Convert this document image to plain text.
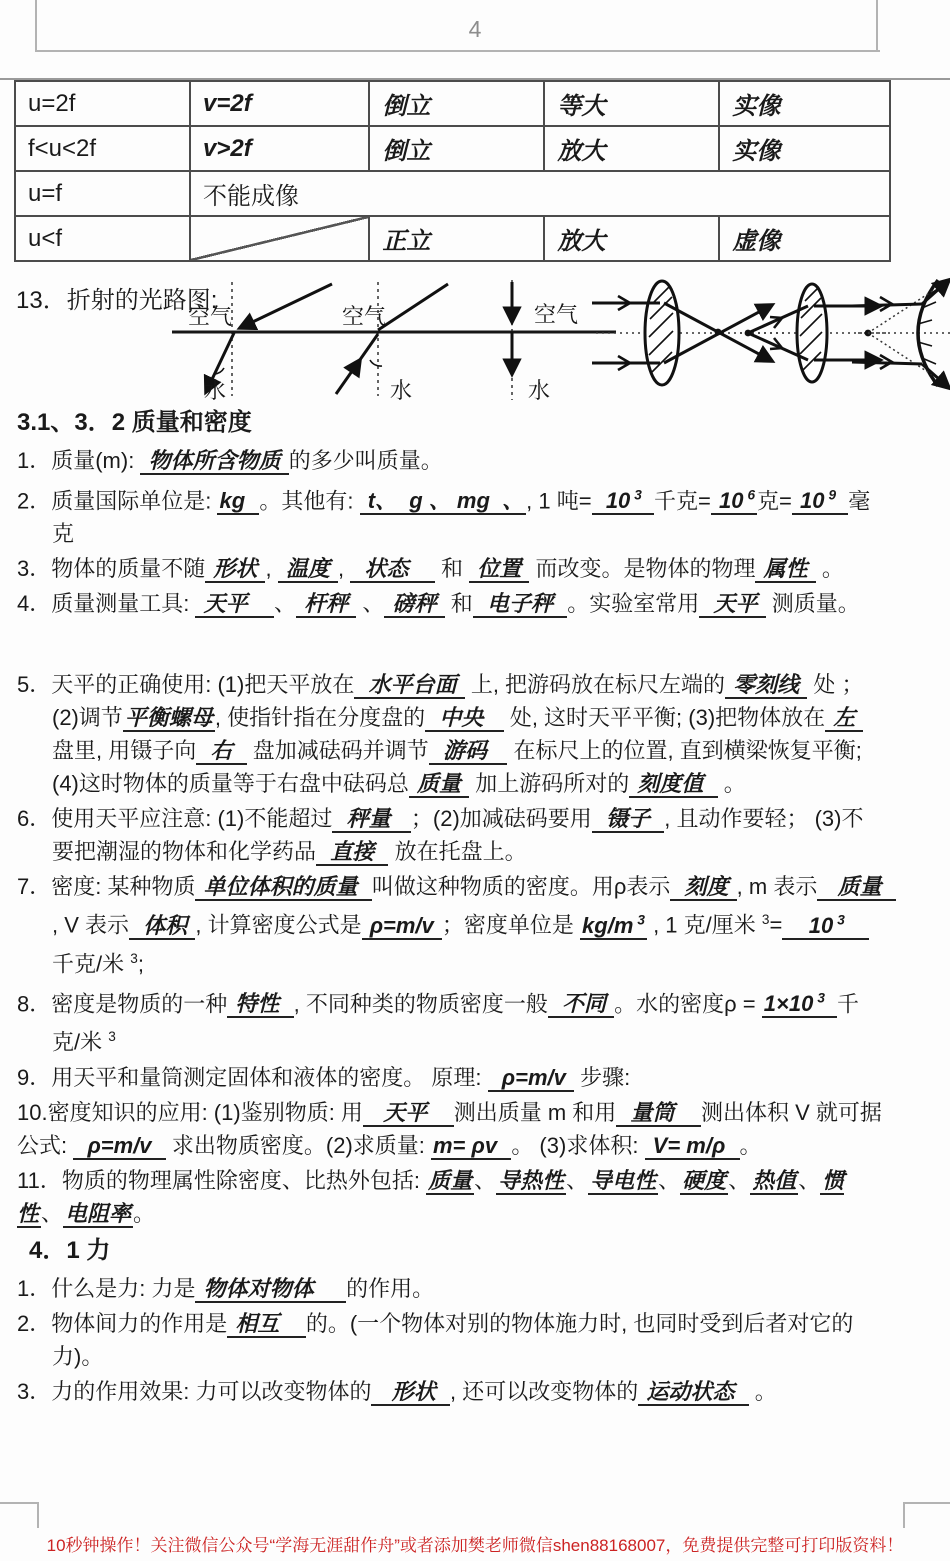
4
u=2f	v=2f	倒立	等大	实像
f<u<2f	v>2f	倒立	放大	实像
u=f	不能成像			
u<f		正立	放大	虚像
13．折射的光路图:
空气
水
空气
水
空气
水
3.1、3．2 质量和密度

1．质量(m):  物体所含物质 的多少叫质量。

2．质量国际单位是: kg  。其他有:  t、  g 、 mg  、, 1 吨=  10 $^3$ 千克= 10 $^6$克= 10 $^9$ 毫克

3．物体的质量不随 形状 ,  温度 ,   状态     和  位置  而改变。是物体的物理 属性  。

4．质量测量工具:  天平    、 杆秤  、 磅秤  和  电子秤  。实验室常用  天平  测质量。

5．天平的正确使用: (1)把天平放在  水平台面  上, 把游码放在标尺左端的 零刻线  处 ；(2)调节平衡螺母, 使指针指在分度盘的  中央    处, 这时天平平衡; (3)把物体放在 左  盘里, 用镊子向  右   盘加减砝码并调节  游码    在标尺上的位置, 直到横梁恢复平衡; (4)这时物体的质量等于右盘中砝码总 质量  加上游码所对的 刻度值   。

6．使用天平应注意: (1)不能超过  秤量   ；(2)加减砝码要用  镊子  , 且动作要轻； (3)不要把潮湿的物体和化学药品  直接   放在托盘上。

7．密度: 某种物质 单位体积的质量  叫做这种物质的密度。用ρ表示  刻度 , m 表示   质量  , V 表示  体积 , 计算密度公式是 ρ=m/v ；密度单位是 kg/m $^3$ , 1 克/厘米 $^3$=    10 $^3$   千克/米 $^3$;

8．密度是物质的一种 特性  , 不同种类的物质密度一般  不同 。水的密度ρ = 1×10 $^3$ 千克/米 $^3$

9．用天平和量筒测定固体和液体的密度。 原理:   ρ=m/v  步骤:

10.密度知识的应用: (1)鉴别物质: 用   天平    测出质量 m 和用  量筒    测出体积 V 就可据公式:   ρ=m/v   求出物质密度。(2)求质量: m= ρv  。 (3)求体积:  V= m/ρ  。

11．物质的物理属性除密度、比热外包括: 质量、导热性、导电性、硬度、热值、惯性、电阻率。

4．1 力

1．什么是力: 力是 物体对物体     的作用。

2．物体间力的作用是 相互    的。(一个物体对别的物体施力时, 也同时受到后者对它的力)。

3．力的作用效果: 力可以改变物体的   形状  , 还可以改变物体的 运动状态   。

10秒钟操作！关注微信公众号“学海无涯甜作舟”或者添加樊老师微信shen88168007，免费提供完整可打印版资料！
